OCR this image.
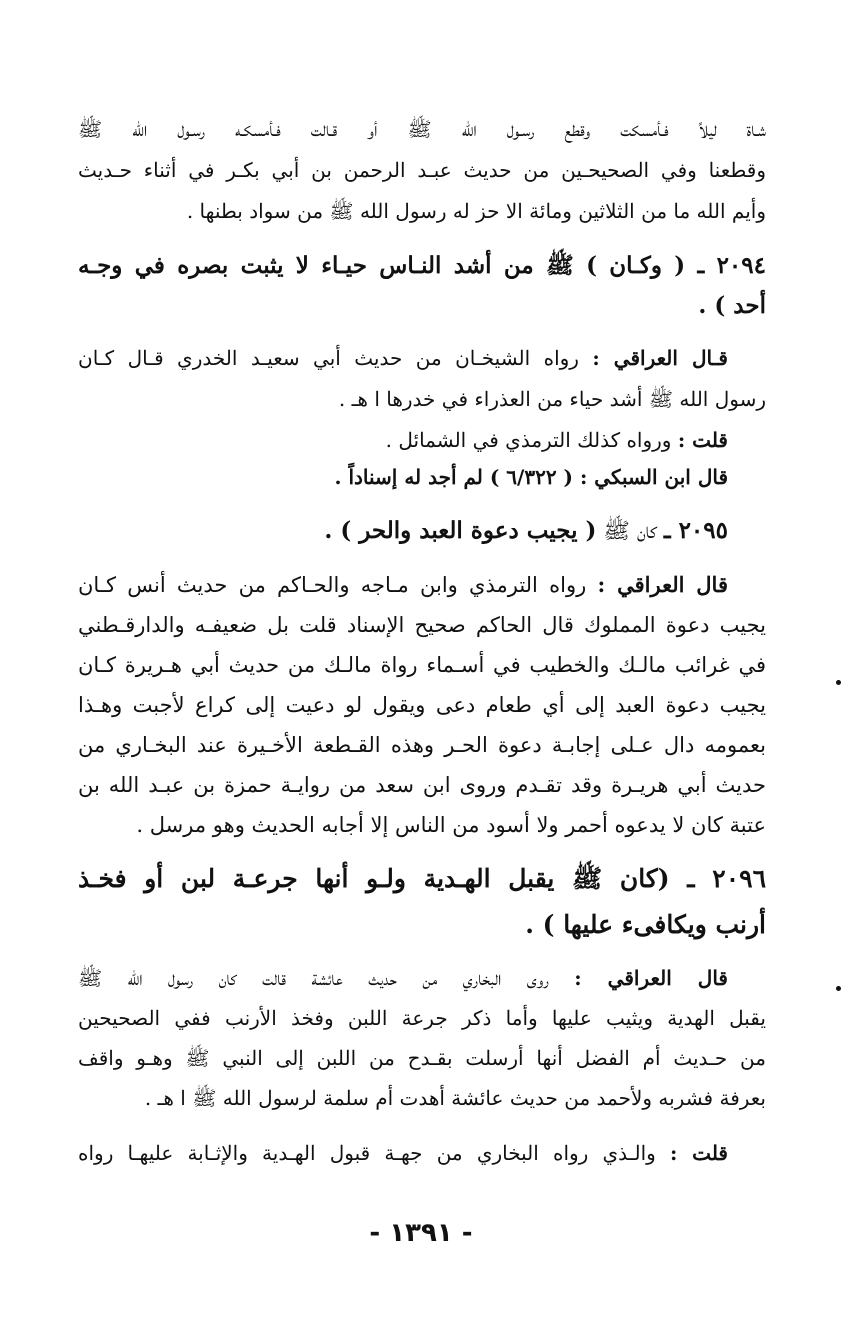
شـاة ليلاً فـأمسكت وقطع رسـول الله ﷺ أو قـالت فـأمسكـه رسـول الله ﷺ
وقطعنا وفي الصحيحـين من حديث عبـد الرحمن بن أبي بكـر في أثناء حـديث
وأيم الله ما من الثلاثين ومائة الا حز له رسول الله ﷺ من سواد بطنها .
٢٠٩٤ ـ ( وكـان ) ﷺ من أشد النـاس حيـاء لا يثبت بصره في وجـه
أحد ) .
قـال العراقي : رواه الشيخـان من حديث أبي سعيـد الخدري قـال كـان
رسول الله ﷺ أشد حياء من العذراء في خدرها ا هـ .
قلت : ورواه كذلك الترمذي في الشمائل .
قال ابن السبكي : ( ٦/٣٢٢ ) لم أجد له إسناداً .
٢٠٩٥ ـ كان ﷺ ( يجيب دعوة العبد والحر ) .
قال العراقي : رواه الترمذي وابن مـاجه والحـاكم من حديث أنس كـان
يجيب دعوة المملوك قال الحاكم صحيح الإسناد قلت بل ضعيفـه والدارقـطني
في غرائب مالـك والخطيب في أسـماء رواة مالـك من حديث أبي هـريرة كـان
يجيب دعوة العبد إلى أي طعام دعى ويقول لو دعيت إلى كراع لأجبت وهـذا
بعمومه دال عـلى إجابـة دعوة الحـر وهذه القـطعة الأخـيرة عند البخـاري من
حديث أبي هريـرة وقد تقـدم وروى ابن سعد من روايـة حمزة بن عبـد الله بن
عتبة كان لا يدعوه أحمر ولا أسود من الناس إلا أجابه الحديث وهو مرسل .
٢٠٩٦ ـ (كان ﷺ يقبل الهـدية ولـو أنها جرعـة لبن أو فخـذ
أرنب ويكافىء عليها ) .
قال العراقي : روى البخاري من حديث عائشة قالت كان رسول الله ﷺ
يقبل الهدية ويثيب عليها وأما ذكر جرعة اللبن وفخذ الأرنب ففي الصحيحين
من حـديث أم الفضل أنها أرسلت بقـدح من اللبن إلى النبي ﷺ وهـو واقف
بعرفة فشربه ولأحمد من حديث عائشة أهدت أم سلمة لرسول الله ﷺ ا هـ .
قلت : والـذي رواه البخاري من جهـة قبول الهـدية والإثـابة عليهـا رواه
- ١٣٩١ -
